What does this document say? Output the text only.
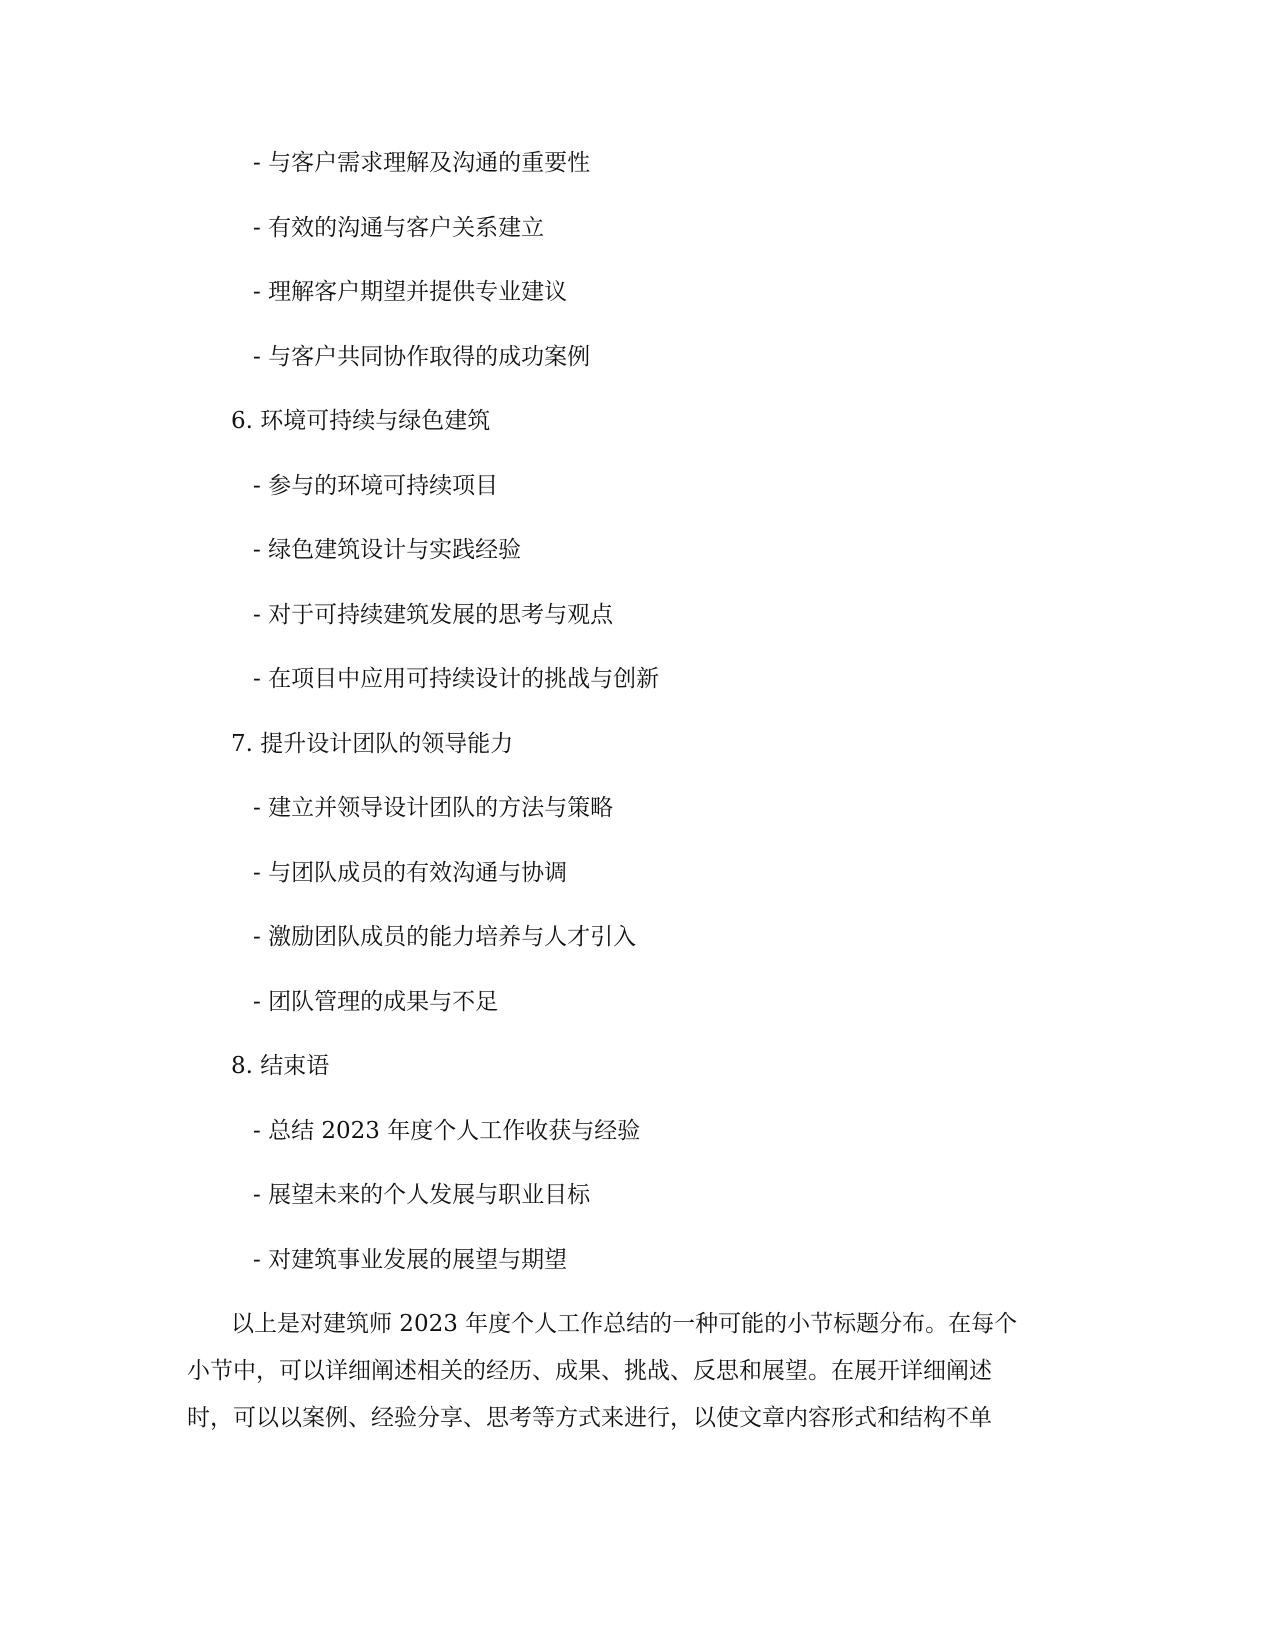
- 与客户需求理解及沟通的重要性
- 有效的沟通与客户关系建立
- 理解客户期望并提供专业建议
- 与客户共同协作取得的成功案例
6. 环境可持续与绿色建筑
- 参与的环境可持续项目
- 绿色建筑设计与实践经验
- 对于可持续建筑发展的思考与观点
- 在项目中应用可持续设计的挑战与创新
7. 提升设计团队的领导能力
- 建立并领导设计团队的方法与策略
- 与团队成员的有效沟通与协调
- 激励团队成员的能力培养与人才引入
- 团队管理的成果与不足
8. 结束语
- 总结 2023 年度个人工作收获与经验
- 展望未来的个人发展与职业目标
- 对建筑事业发展的展望与期望
以上是对建筑师 2023 年度个人工作总结的一种可能的小节标题分布。在每个
小节中，可以详细阐述相关的经历、成果、挑战、反思和展望。在展开详细阐述
时，可以以案例、经验分享、思考等方式来进行，以使文章内容形式和结构不单
